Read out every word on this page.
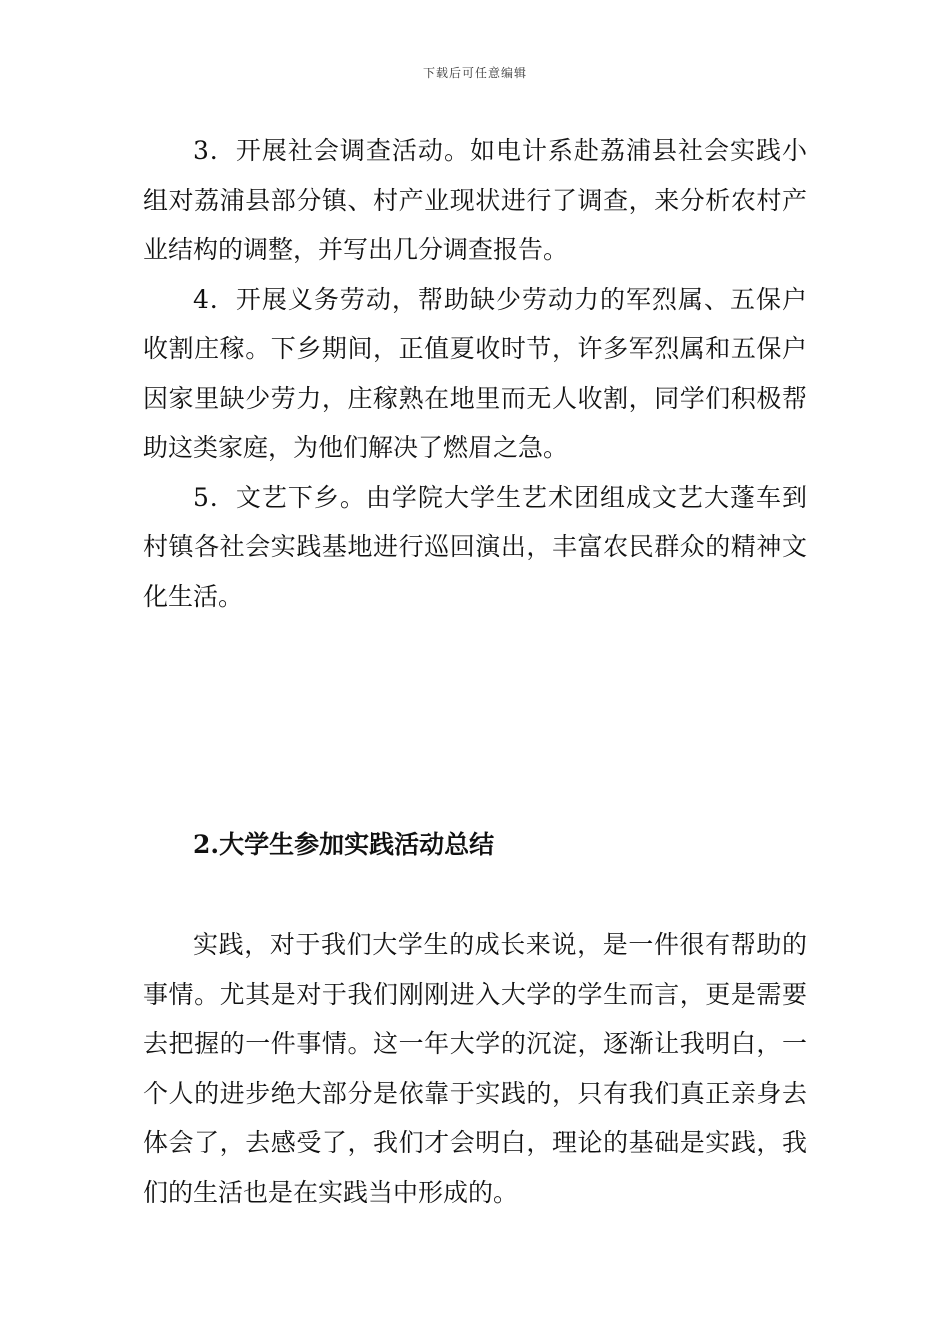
下载后可任意编辑

3．开展社会调查活动。如电计系赴荔浦县社会实践小组对荔浦县部分镇、村产业现状进行了调查，来分析农村产业结构的调整，并写出几分调查报告。

4．开展义务劳动，帮助缺少劳动力的军烈属、五保户收割庄稼。下乡期间，正值夏收时节，许多军烈属和五保户因家里缺少劳力，庄稼熟在地里而无人收割，同学们积极帮助这类家庭，为他们解决了燃眉之急。

5．文艺下乡。由学院大学生艺术团组成文艺大蓬车到村镇各社会实践基地进行巡回演出，丰富农民群众的精神文化生活。

2.大学生参加实践活动总结

实践，对于我们大学生的成长来说，是一件很有帮助的事情。尤其是对于我们刚刚进入大学的学生而言，更是需要去把握的一件事情。这一年大学的沉淀，逐渐让我明白，一个人的进步绝大部分是依靠于实践的，只有我们真正亲身去体会了，去感受了，我们才会明白，理论的基础是实践，我们的生活也是在实践当中形成的。
